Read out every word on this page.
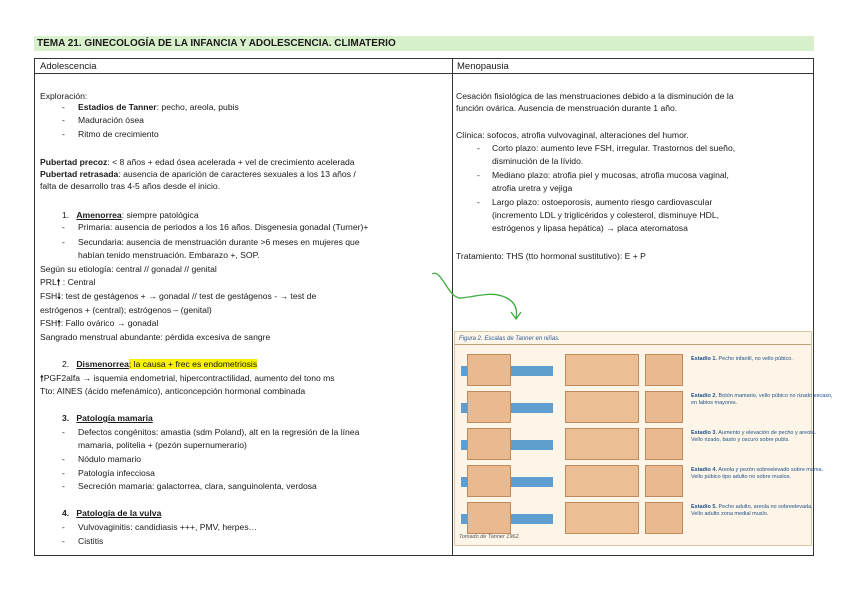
TEMA 21. GINECOLOGÍA DE LA INFANCIA Y ADOLESCENCIA. CLIMATERIO
Adolescencia	Menopausia
Exploración:
- Estadios de Tanner: pecho, areola, pubis
- Maduración ósea
- Ritmo de crecimiento
Pubertad precoz: < 8 años + edad ósea acelerada + vel de crecimiento acelerada
Pubertad retrasada: ausencia de aparición de caracteres sexuales a los 13 años /
falta de desarrollo tras 4-5 años desde el inicio.
1. Amenorrea: siempre patológica
- Primaria: ausencia de periodos a los 16 años. Disgenesia gonadal (Turner)+
- Secundaria: ausencia de menstruación durante >6 meses en mujeres que
habían tenido menstruación. Embarazo +, SOP.
Según su etiología: central // gonadal // genital
PRL🠕 : Central
FSH🠗: test de gestágenos + → gonadal // test de gestágenos - → test de
estrógenos + (central); estrógenos – (genital)
FSH🠕: Fallo ovárico → gonadal
Sangrado menstrual abundante: pérdida excesiva de sangre
2. Dismenorrea; la causa + frec es endometriosis
🠕PGF2alfa → isquemia endometrial, hipercontractilidad, aumento del tono ms
Tto: AINES (ácido mefenámico), anticoncepción hormonal combinada
3. Patología mamaria
- Defectos congénitos: amastia (sdm Poland), alt en la regresión de la línea
mamaria, politelia + (pezón supernumerario)
- Nódulo mamario
- Patología infecciosa
- Secreción mamaria: galactorrea, clara, sanguinolenta, verdosa
4. Patología de la vulva
- Vulvovaginitis: candidiasis +++, PMV, herpes…
- Cistitis
Cesación fisiológica de las menstruaciones debido a la disminución de la
función ovárica. Ausencia de menstruación durante 1 año.
Clínica: sofocos, atrofia vulvovaginal, alteraciones del humor.
- Corto plazo: aumento leve FSH, irregular. Trastornos del sueño,
disminución de la lívido.
- Mediano plazo: atrofia piel y mucosas, atrofia mucosa vaginal,
atrofia uretra y vejiga
- Largo plazo: ostoeporosis, aumento riesgo cardiovascular
(incremento LDL y triglicéridos y colesterol, disminuye HDL,
estrógenos y lipasa hepática) → placa ateromatosa
Tratamiento: THS (tto hormonal sustitutivo): E + P
Figura 2. Escalas de Tanner en niñas.
Estadio 1. Pecho infantil, no vello púbico.

Estadio 2. Botón mamario, vello púbico no rizado escaso,
en labios mayores.
Estadio 3. Aumento y elevación de pecho y areola.
Vello rizado, basto y oscuro sobre pubis.
Estadio 4. Areola y pezón sobreelevado sobre mama.
Vello púbico tipo adulto no sobre muslos.
Estadio 5. Pecho adulto, areola no sobreelevada.
Vello adulto zona medial muslo.
Tomado de Tanner 1962.
